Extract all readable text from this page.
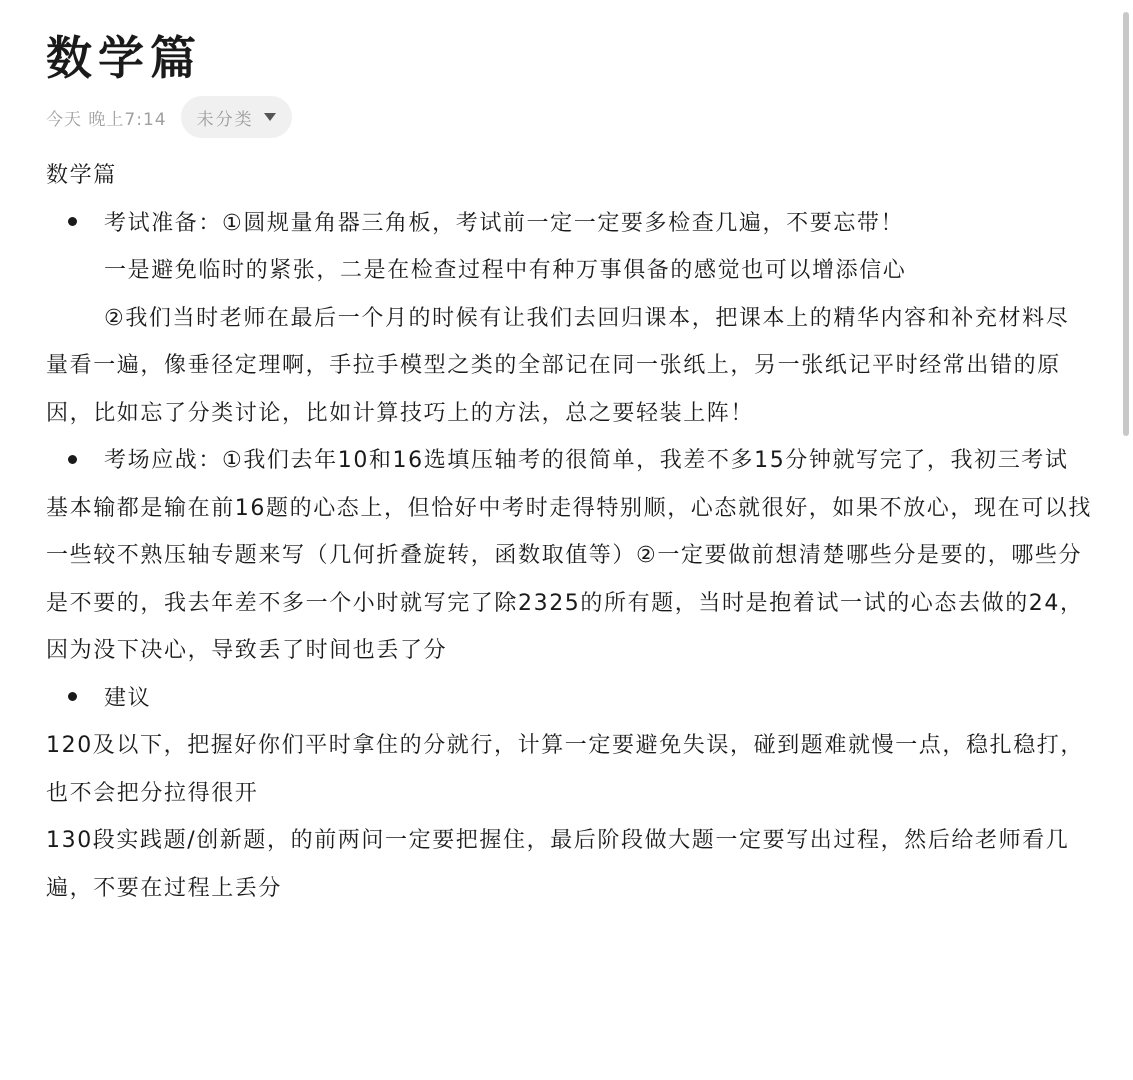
数学篇
今天 晚上7:14 未分类

数学篇

考试准备：①圆规量角器三角板，考试前一定一定要多检查几遍，不要忘带！

一是避免临时的紧张，二是在检查过程中有种万事俱备的感觉也可以增添信心

②我们当时老师在最后一个月的时候有让我们去回归课本，把课本上的精华内容和补充材料尽量看一遍，像垂径定理啊，手拉手模型之类的全部记在同一张纸上，另一张纸记平时经常出错的原因，比如忘了分类讨论，比如计算技巧上的方法，总之要轻装上阵！

考场应战：①我们去年10和16选填压轴考的很简单，我差不多15分钟就写完了，我初三考试基本输都是输在前16题的心态上，但恰好中考时走得特别顺，心态就很好，如果不放心，现在可以找一些较不熟压轴专题来写（几何折叠旋转，函数取值等）②一定要做前想清楚哪些分是要的，哪些分是不要的，我去年差不多一个小时就写完了除2325的所有题，当时是抱着试一试的心态去做的24，因为没下决心，导致丢了时间也丢了分

建议

120及以下，把握好你们平时拿住的分就行，计算一定要避免失误，碰到题难就慢一点，稳扎稳打，也不会把分拉得很开

130段实践题/创新题，的前两问一定要把握住，最后阶段做大题一定要写出过程，然后给老师看几遍，不要在过程上丢分
